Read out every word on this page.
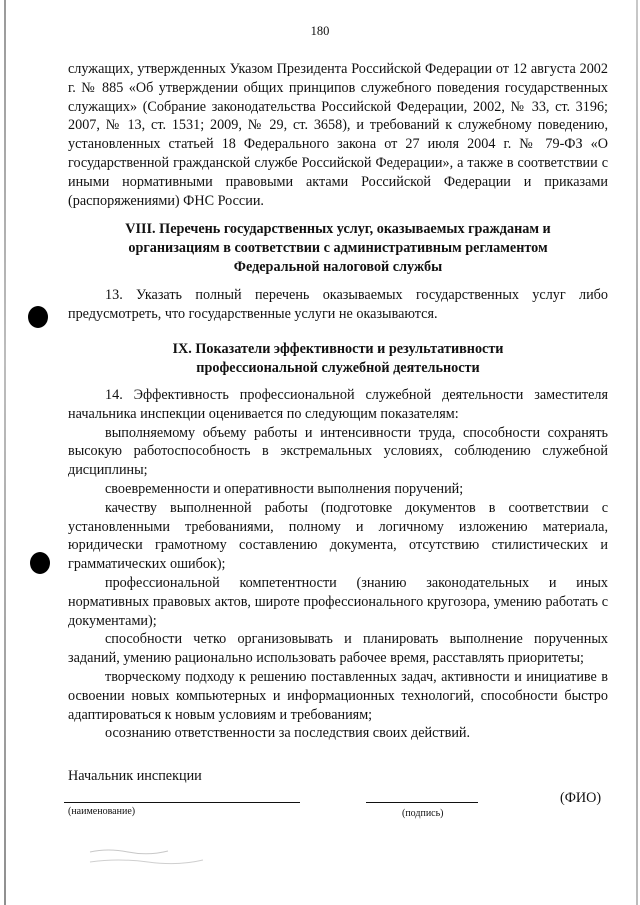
180

служащих, утвержденных Указом Президента Российской Федерации от 12 августа 2002 г. № 885 «Об утверждении общих принципов служебного поведения государственных служащих» (Собрание законодательства Российской Федерации, 2002, № 33, ст. 3196; 2007, № 13, ст. 1531; 2009, № 29, ст. 3658), и требований к служебному поведению, установленных статьей 18 Федерального закона от 27 июля 2004 г. № 79-ФЗ «О государственной гражданской службе Российской Федерации», а также в соответствии с иными нормативными правовыми актами Российской Федерации и приказами (распоряжениями) ФНС России.

VIII. Перечень государственных услуг, оказываемых гражданам и
организациям в соответствии с административным регламентом
Федеральной налоговой службы

13. Указать полный перечень оказываемых государственных услуг либо предусмотреть, что государственные услуги не оказываются.

IX. Показатели эффективности и результативности
профессиональной служебной деятельности

14. Эффективность профессиональной служебной деятельности заместителя начальника инспекции оценивается по следующим показателям:

выполняемому объему работы и интенсивности труда, способности сохранять высокую работоспособность в экстремальных условиях, соблюдению служебной дисциплины;

своевременности и оперативности выполнения поручений;

качеству выполненной работы (подготовке документов в соответствии с установленными требованиями, полному и логичному изложению материала, юридически грамотному составлению документа, отсутствию стилистических и грамматических ошибок);

профессиональной компетентности (знанию законодательных и иных нормативных правовых актов, широте профессионального кругозора, умению работать с документами);

способности четко организовывать и планировать выполнение порученных заданий, умению рационально использовать рабочее время, расставлять приоритеты;

творческому подходу к решению поставленных задач, активности и инициативе в освоении новых компьютерных и информационных технологий, способности быстро адаптироваться к новым условиям и требованиям;

осознанию ответственности за последствия своих действий.

Начальник инспекции
(наименование)	(подпись)
(ФИО)
